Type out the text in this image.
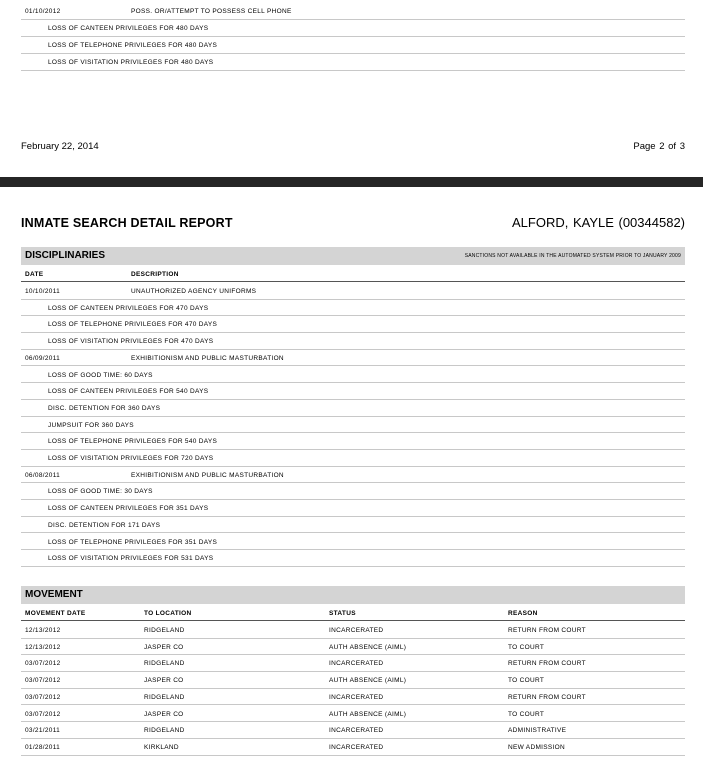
01/10/2012	POSS. OR/ATTEMPT TO POSSESS CELL PHONE
LOSS OF CANTEEN PRIVILEGES FOR 480 DAYS
LOSS OF TELEPHONE PRIVILEGES FOR 480 DAYS
LOSS OF VISITATION PRIVILEGES FOR 480 DAYS
February 22, 2014	Page 2 of 3
INMATE SEARCH DETAIL REPORT	ALFORD, KAYLE (00344582)
DISCIPLINARIES	SANCTIONS NOT AVAILABLE IN THE AUTOMATED SYSTEM PRIOR TO JANUARY 2009
DATE	DESCRIPTION
10/10/2011	UNAUTHORIZED AGENCY UNIFORMS
LOSS OF CANTEEN PRIVILEGES FOR 470 DAYS
LOSS OF TELEPHONE PRIVILEGES FOR 470 DAYS
LOSS OF VISITATION PRIVILEGES FOR 470 DAYS
06/09/2011	EXHIBITIONISM AND PUBLIC MASTURBATION
LOSS OF GOOD TIME: 60 DAYS
LOSS OF CANTEEN PRIVILEGES FOR 540 DAYS
DISC. DETENTION FOR 360 DAYS
JUMPSUIT FOR 360 DAYS
LOSS OF TELEPHONE PRIVILEGES FOR 540 DAYS
LOSS OF VISITATION PRIVILEGES FOR 720 DAYS
06/08/2011	EXHIBITIONISM AND PUBLIC MASTURBATION
LOSS OF GOOD TIME: 30 DAYS
LOSS OF CANTEEN PRIVILEGES FOR 351 DAYS
DISC. DETENTION FOR 171 DAYS
LOSS OF TELEPHONE PRIVILEGES FOR 351 DAYS
LOSS OF VISITATION PRIVILEGES FOR 531 DAYS
MOVEMENT
MOVEMENT DATE	TO LOCATION	STATUS	REASON
12/13/2012	RIDGELAND	INCARCERATED	RETURN FROM COURT
12/13/2012	JASPER CO	AUTH ABSENCE (AIML)	TO COURT
03/07/2012	RIDGELAND	INCARCERATED	RETURN FROM COURT
03/07/2012	JASPER CO	AUTH ABSENCE (AIML)	TO COURT
03/07/2012	RIDGELAND	INCARCERATED	RETURN FROM COURT
03/07/2012	JASPER CO	AUTH ABSENCE (AIML)	TO COURT
03/21/2011	RIDGELAND	INCARCERATED	ADMINISTRATIVE
01/28/2011	KIRKLAND	INCARCERATED	NEW ADMISSION
